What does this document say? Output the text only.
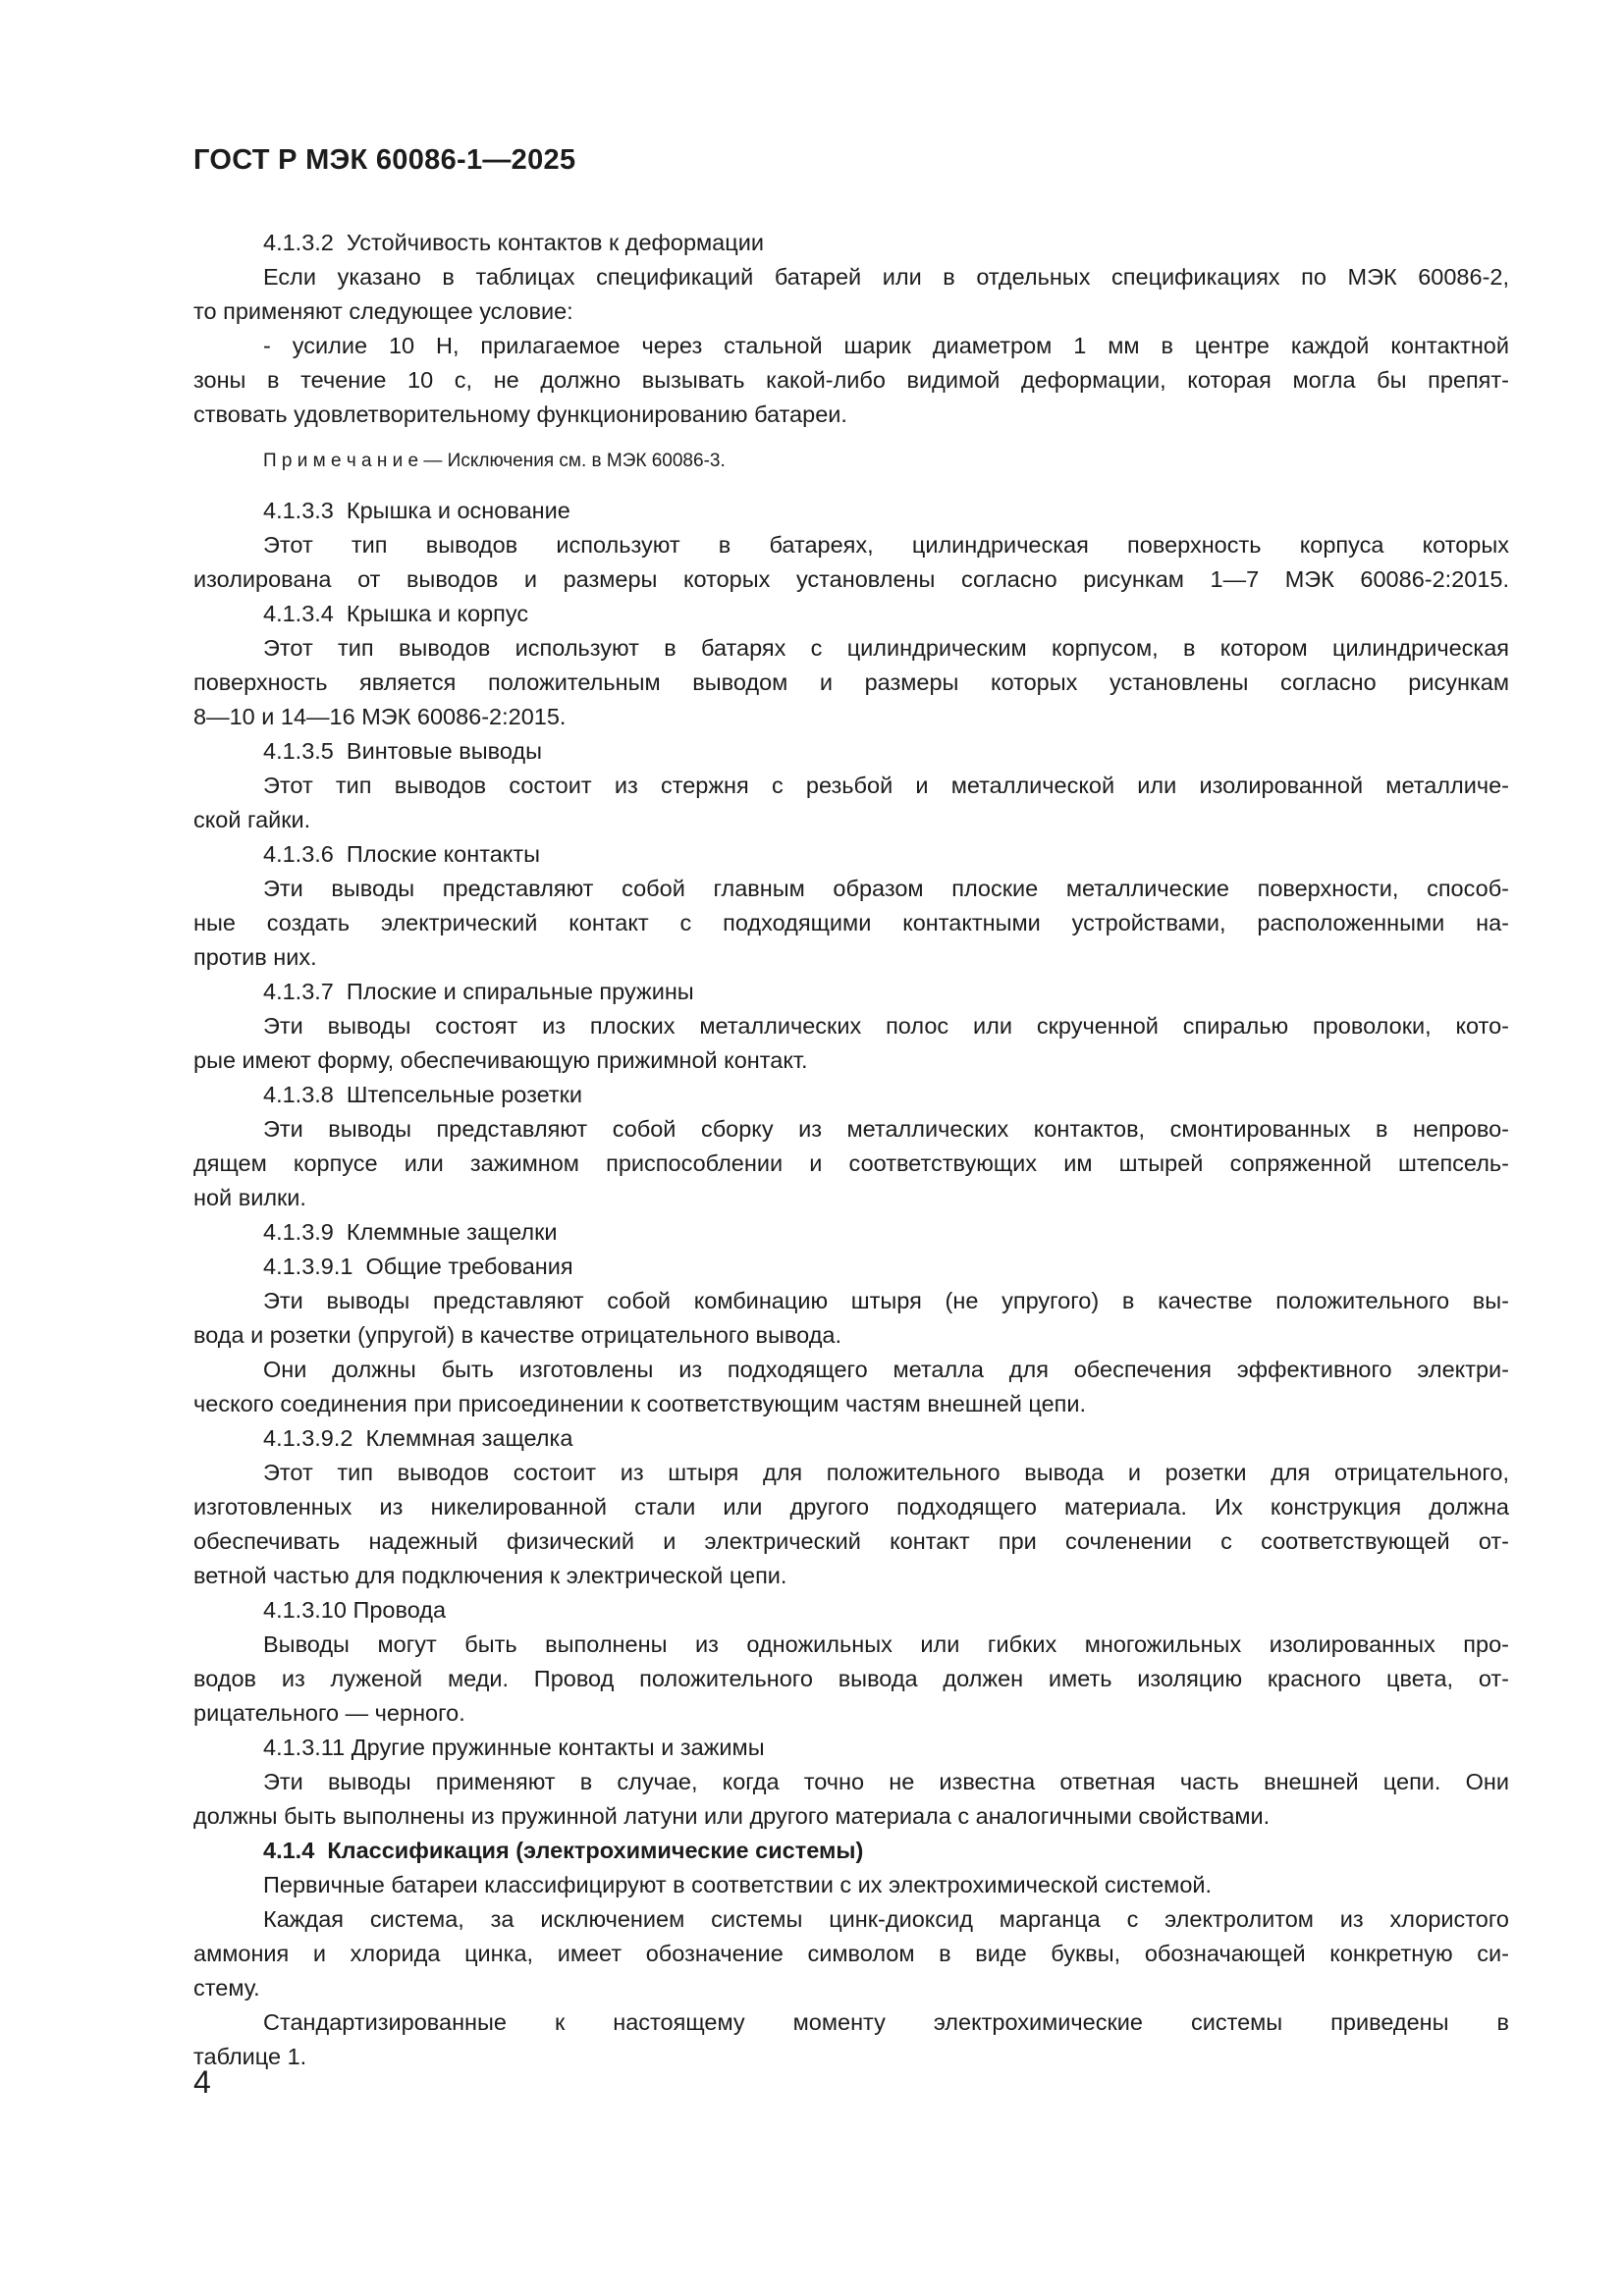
ГОСТ Р МЭК 60086-1—2025
4.1.3.2  Устойчивость контактов к деформации
Если указано в таблицах спецификаций батарей или в отдельных спецификациях по МЭК 60086-2,
то применяют следующее условие:
- усилие 10 Н, прилагаемое через стальной шарик диаметром 1 мм в центре каждой контактной
зоны в течение 10 с, не должно вызывать какой-либо видимой деформации, которая могла бы препят-
ствовать удовлетворительному функционированию батареи.
П р и м е ч а н и е — Исключения см. в МЭК 60086-3.
4.1.3.3  Крышка и основание
Этот тип выводов используют в батареях, цилиндрическая поверхность корпуса которых
изолирована от выводов и размеры которых установлены согласно рисункам 1—7 МЭК 60086-2:2015.
4.1.3.4  Крышка и корпус
Этот тип выводов используют в батарях с цилиндрическим корпусом, в котором цилиндрическая
поверхность является положительным выводом и размеры которых установлены согласно рисункам
8—10 и 14—16 МЭК 60086-2:2015.
4.1.3.5  Винтовые выводы
Этот тип выводов состоит из стержня с резьбой и металлической или изолированной металличе-
ской гайки.
4.1.3.6  Плоские контакты
Эти выводы представляют собой главным образом плоские металлические поверхности, способ-
ные создать электрический контакт с подходящими контактными устройствами, расположенными на-
против них.
4.1.3.7  Плоские и спиральные пружины
Эти выводы состоят из плоских металлических полос или скрученной спиралью проволоки, кото-
рые имеют форму, обеспечивающую прижимной контакт.
4.1.3.8  Штепсельные розетки
Эти выводы представляют собой сборку из металлических контактов, смонтированных в непрово-
дящем корпусе или зажимном приспособлении и соответствующих им штырей сопряженной штепсель-
ной вилки.
4.1.3.9  Клеммные защелки
4.1.3.9.1  Общие требования
Эти выводы представляют собой комбинацию штыря (не упругого) в качестве положительного вы-
вода и розетки (упругой) в качестве отрицательного вывода.
Они должны быть изготовлены из подходящего металла для обеспечения эффективного электри-
ческого соединения при присоединении к соответствующим частям внешней цепи.
4.1.3.9.2  Клеммная защелка
Этот тип выводов состоит из штыря для положительного вывода и розетки для отрицательного,
изготовленных из никелированной стали или другого подходящего материала. Их конструкция должна
обеспечивать надежный физический и электрический контакт при сочленении с соответствующей от-
ветной частью для подключения к электрической цепи.
4.1.3.10 Провода
Выводы могут быть выполнены из одножильных или гибких многожильных изолированных про-
водов из луженой меди. Провод положительного вывода должен иметь изоляцию красного цвета, от-
рицательного — черного.
4.1.3.11 Другие пружинные контакты и зажимы
Эти выводы применяют в случае, когда точно не известна ответная часть внешней цепи. Они
должны быть выполнены из пружинной латуни или другого материала с аналогичными свойствами.
4.1.4  Классификация (электрохимические системы)
Первичные батареи классифицируют в соответствии с их электрохимической системой.
Каждая система, за исключением системы цинк-диоксид марганца с электролитом из хлористого
аммония и хлорида цинка, имеет обозначение символом в виде буквы, обозначающей конкретную си-
стему.
Стандартизированные к настоящему моменту электрохимические системы приведены в
таблице 1.
4
